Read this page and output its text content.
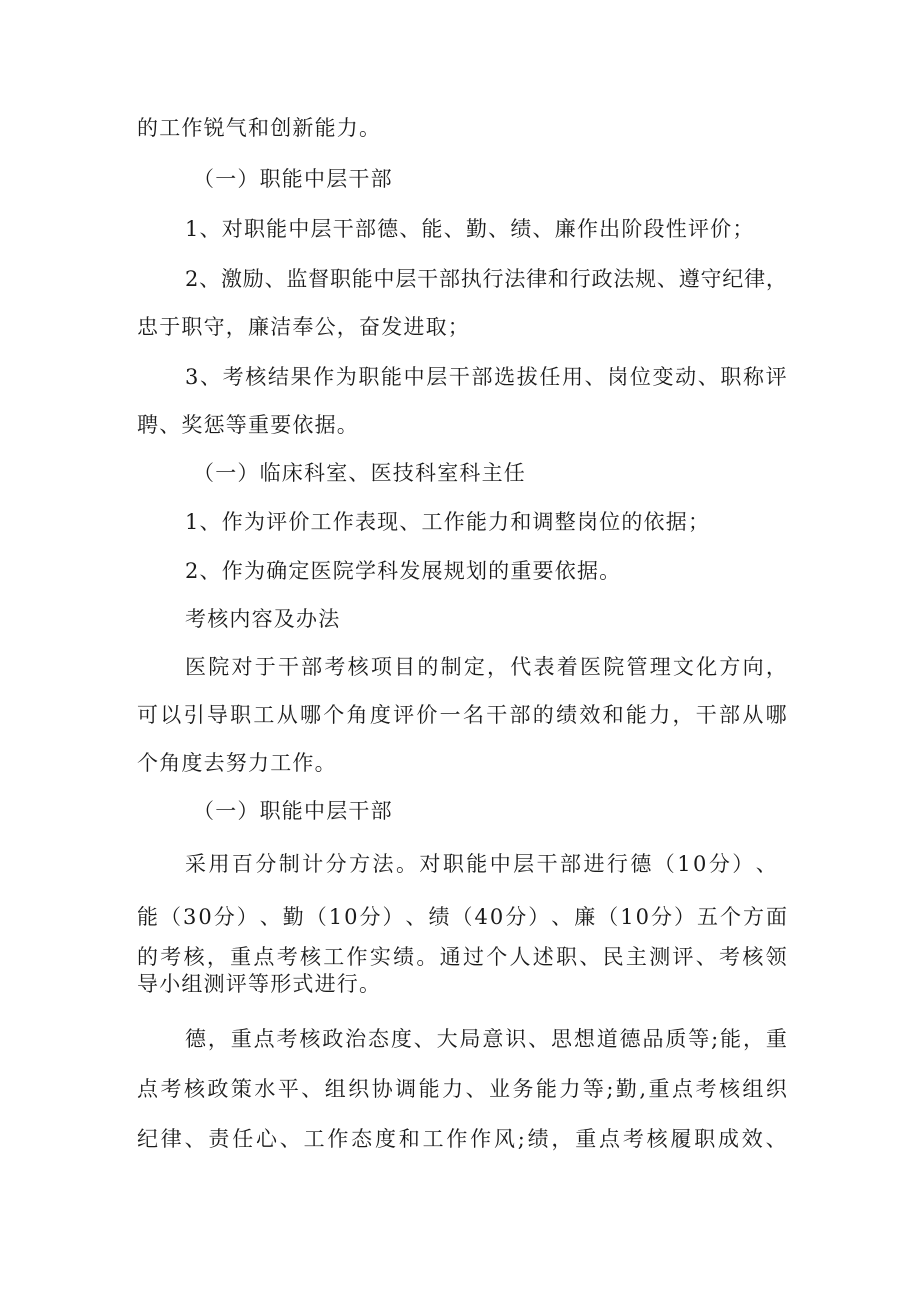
的工作锐气和创新能力。
（一）职能中层干部
1、对职能中层干部德、能、勤、绩、廉作出阶段性评价；
2 、 激 励 、 监 督 职 能 中 层 干 部 执 行 法 律 和 行 政 法 规 、 遵 守 纪 律 ，
忠于职守，廉洁奉公，奋发进取；
3 、 考 核 结 果 作 为 职 能 中 层 干 部 选 拔 任 用 、 岗 位 变 动 、 职 称 评
聘、奖惩等重要依据。
（一）临床科室、医技科室科主任
1、作为评价工作表现、工作能力和调整岗位的依据；
2、作为确定医院学科发展规划的重要依据。
考核内容及办法
医 院 对 于 干 部 考 核 项 目 的 制 定 ， 代 表 着 医 院 管 理 文 化 方 向 ，
可 以 引 导 职 工 从 哪 个 角 度 评 价 一 名 干 部 的 绩 效 和 能 力 ， 干 部 从 哪
个角度去努力工作。
（一）职能中层干部
采 用 百 分 制 计 分 方 法 。 对 职 能 中 层 干 部 进 行 德 （ 1 0 分 ） 、
能 （ 3 0 分 ） 、 勤 （ 1 0 分 ） 、 绩 （ 4 0 分 ） 、 廉 （ 1 0 分 ） 五 个 方 面
的 考 核 ， 重 点 考 核 工 作 实 绩 。 通 过 个 人 述 职 、 民 主 测 评 、 考 核 领
导小组测评等形式进行。
德 ， 重 点 考 核 政 治 态 度 、 大 局 意 识 、 思 想 道 德 品 质 等 ; 能 ， 重
点 考 核 政 策 水 平 、 组 织 协 调 能 力 、 业 务 能 力 等 ; 勤 , 重 点 考 核 组 织
纪 律 、 责 任 心 、 工 作 态 度 和 工 作 作 风 ; 绩 ， 重 点 考 核 履 职 成 效 、
